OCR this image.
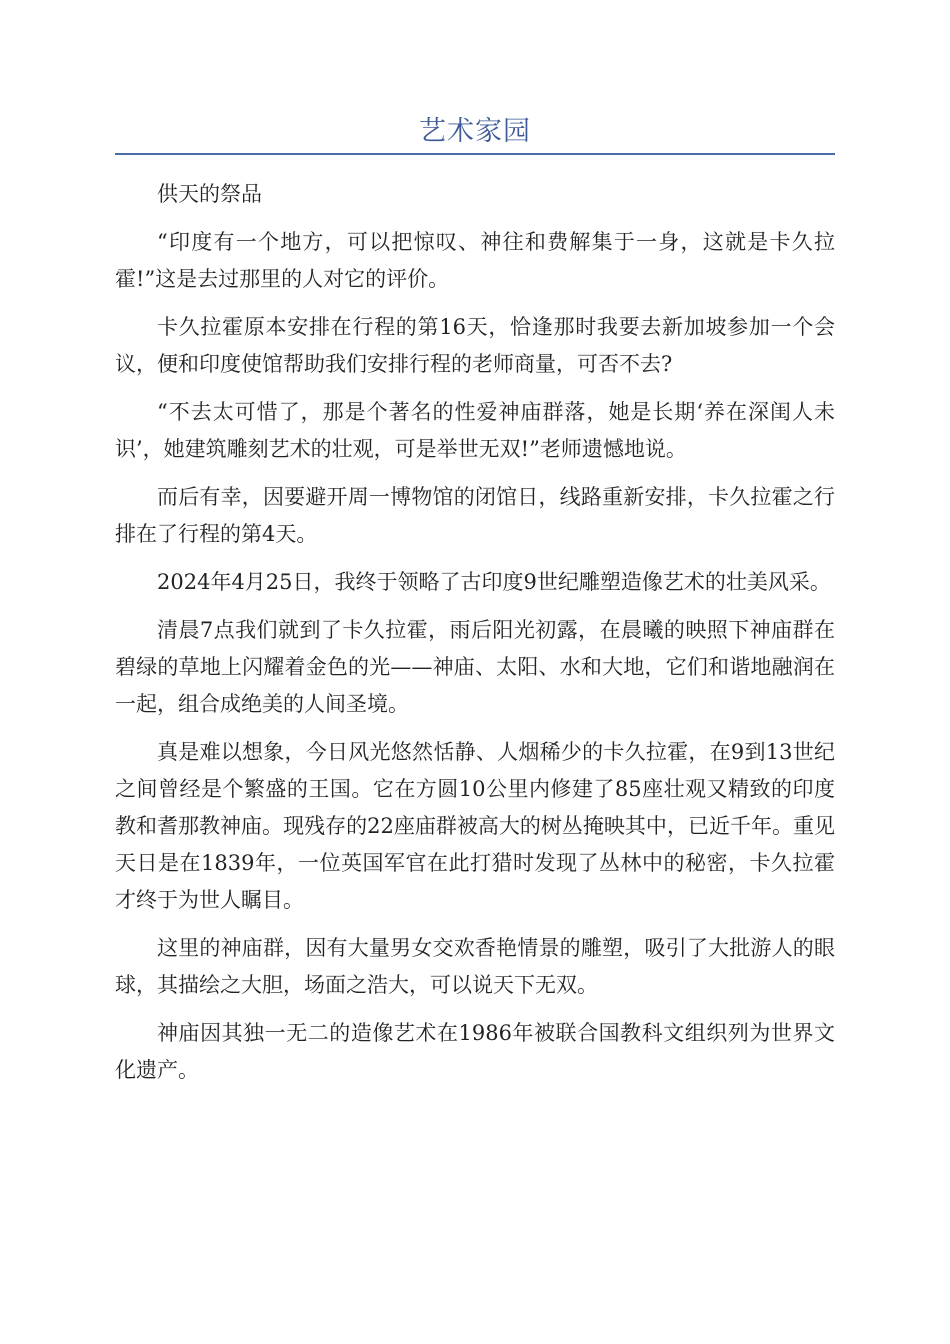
艺术家园

供天的祭品

“印度有一个地方，可以把惊叹、神往和费解集于一身，这就是卡久拉霍!”这是去过那里的人对它的评价。

卡久拉霍原本安排在行程的第16天，恰逢那时我要去新加坡参加一个会议，便和印度使馆帮助我们安排行程的老师商量，可否不去?

“不去太可惜了，那是个著名的性爱神庙群落，她是长期‘养在深闺人未识’，她建筑雕刻艺术的壮观，可是举世无双!”老师遗憾地说。

而后有幸，因要避开周一博物馆的闭馆日，线路重新安排，卡久拉霍之行排在了行程的第4天。

2024年4月25日，我终于领略了古印度9世纪雕塑造像艺术的壮美风采。

清晨7点我们就到了卡久拉霍，雨后阳光初露，在晨曦的映照下神庙群在碧绿的草地上闪耀着金色的光——神庙、太阳、水和大地，它们和谐地融润在一起，组合成绝美的人间圣境。

真是难以想象，今日风光悠然恬静、人烟稀少的卡久拉霍，在9到13世纪之间曾经是个繁盛的王国。它在方圆10公里内修建了85座壮观又精致的印度教和耆那教神庙。现残存的22座庙群被高大的树丛掩映其中，已近千年。重见天日是在1839年，一位英国军官在此打猎时发现了丛林中的秘密，卡久拉霍才终于为世人瞩目。

这里的神庙群，因有大量男女交欢香艳情景的雕塑，吸引了大批游人的眼球，其描绘之大胆，场面之浩大，可以说天下无双。

神庙因其独一无二的造像艺术在1986年被联合国教科文组织列为世界文化遗产。
